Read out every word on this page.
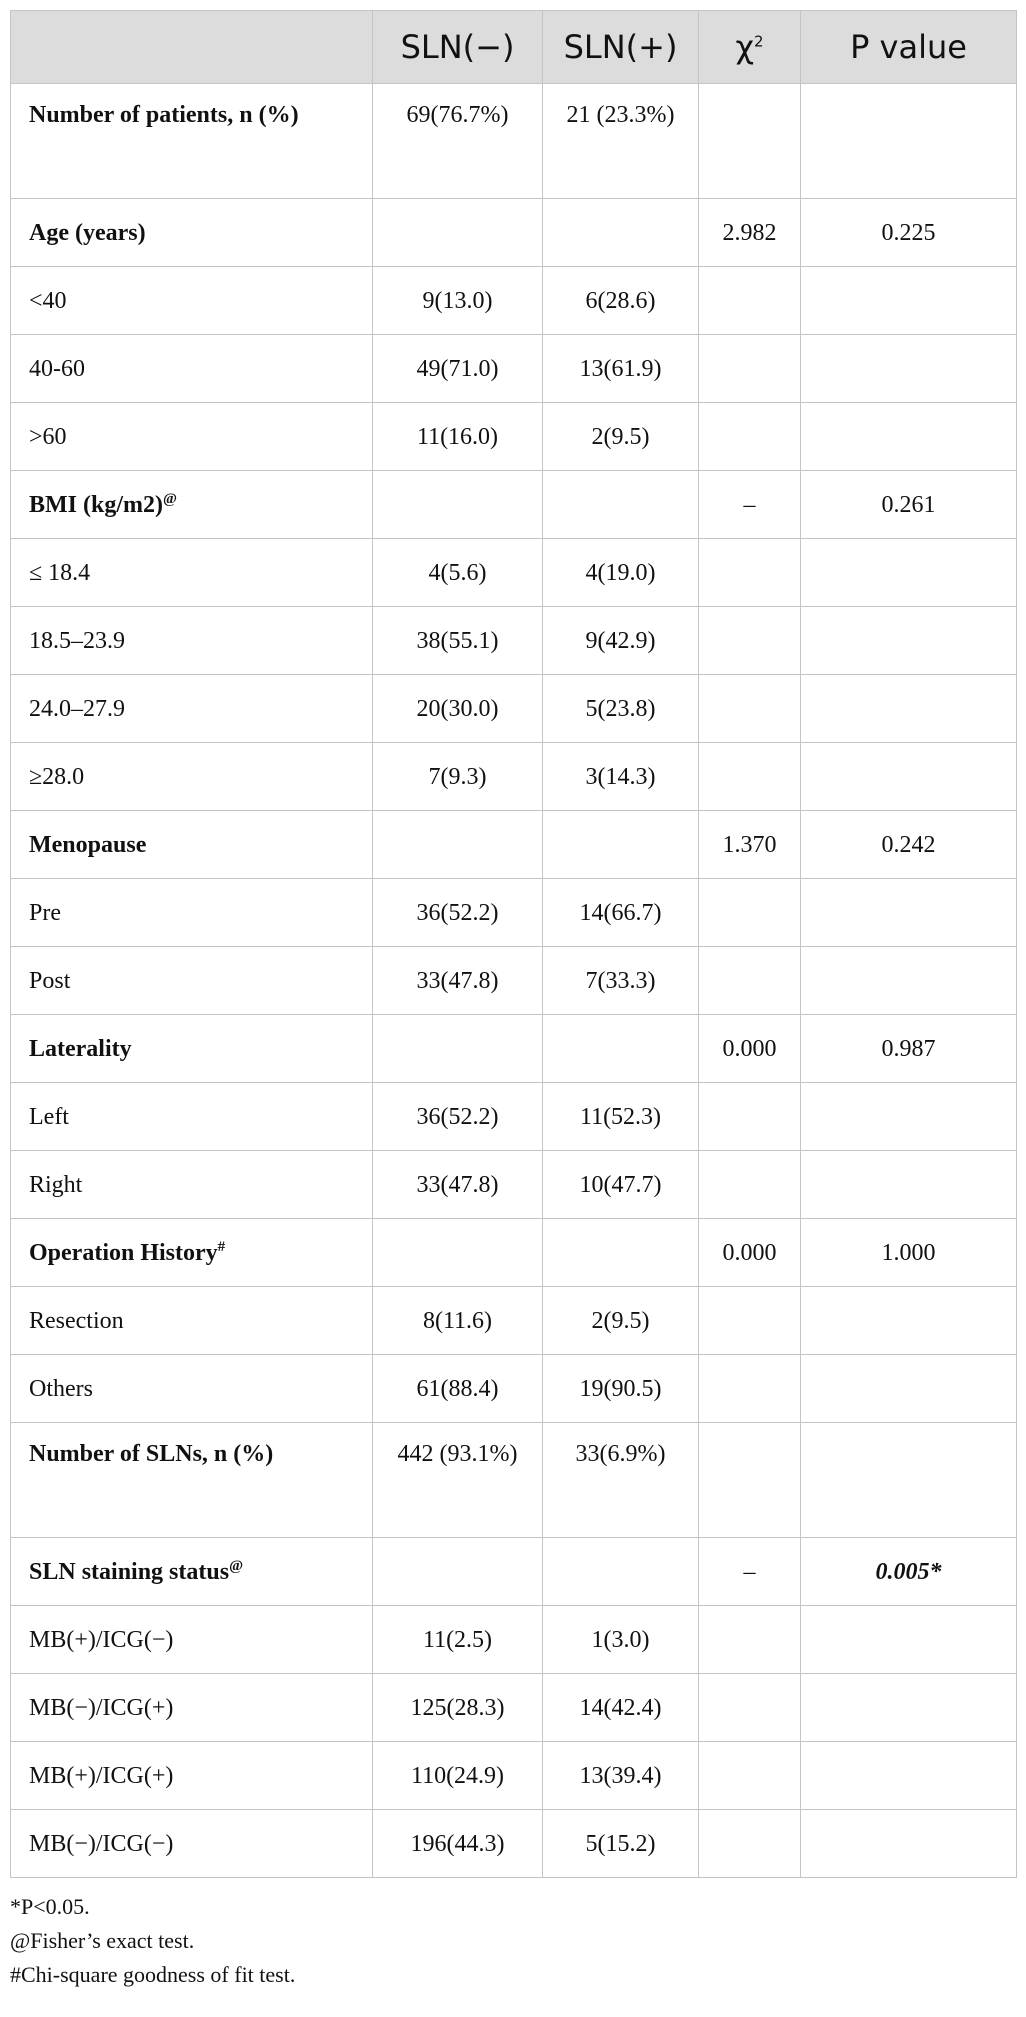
	SLN(−)	SLN(+)	$\chi^2$	P value
Number of patients, n (%)	69(76.7%)	21 (23.3%)		
Age (years)			2.982	0.225
<40	9(13.0)	6(28.6)		
40-60	49(71.0)	13(61.9)		
>60	11(16.0)	2(9.5)		
BMI (kg/m2)@			–	0.261
≤ 18.4	4(5.6)	4(19.0)		
18.5–23.9	38(55.1)	9(42.9)		
24.0–27.9	20(30.0)	5(23.8)		
≥28.0	7(9.3)	3(14.3)		
Menopause			1.370	0.242
Pre	36(52.2)	14(66.7)		
Post	33(47.8)	7(33.3)		
Laterality			0.000	0.987
Left	36(52.2)	11(52.3)		
Right	33(47.8)	10(47.7)		
Operation History#			0.000	1.000
Resection	8(11.6)	2(9.5)		
Others	61(88.4)	19(90.5)		
Number of SLNs, n (%)	442 (93.1%)	33(6.9%)		
SLN staining status@			–	0.005*
MB(+)/ICG(−)	11(2.5)	1(3.0)		
MB(−)/ICG(+)	125(28.3)	14(42.4)		
MB(+)/ICG(+)	110(24.9)	13(39.4)		
MB(−)/ICG(−)	196(44.3)	5(15.2)		
*P<0.05.
@Fisher’s exact test.
#Chi-square goodness of fit test.
